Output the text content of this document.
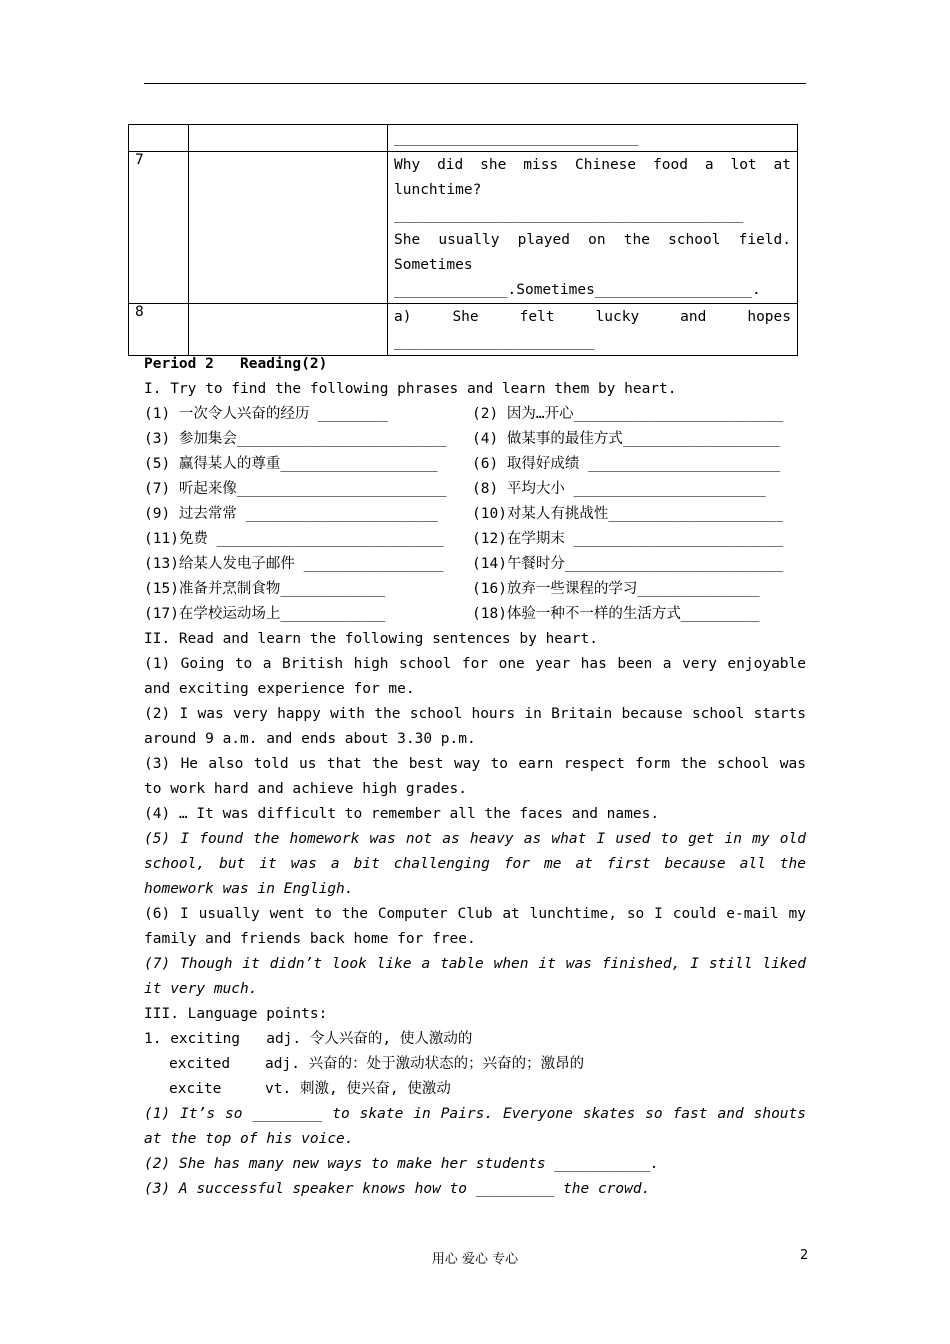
		____________________________
7		Why did she miss Chinese food a lot at lunchtime?
________________________________________
She usually played on the school field. Sometimes
_____________.Sometimes__________________.

8		a) She felt lucky and hopes
_______________________

Period 2   Reading(2)

I. Try to find the following phrases and learn them by heart.

(1) 一次令人兴奋的经历 ________	(2) 因为…开心________________________
(3) 参加集会________________________	(4) 做某事的最佳方式__________________
(5) 赢得某人的尊重__________________	(6) 取得好成绩 ______________________
(7) 听起来像________________________	(8) 平均大小 ______________________
(9) 过去常常 ______________________	(10)对某人有挑战性____________________
(11)免费 __________________________	(12)在学期末 ________________________
(13)给某人发电子邮件 ________________	(14)午餐时分_________________________
(15)准备并烹制食物____________	(16)放弃一些课程的学习______________
(17)在学校运动场上____________	(18)体验一种不一样的生活方式_________

II. Read and learn the following sentences by heart.

(1) Going to a British high school for one year has been a very enjoyable and exciting experience for me.

(2) I was very happy with the school hours in Britain because school starts around 9 a.m. and ends about 3.30 p.m.

(3) He also told us that the best way to earn respect form the school was to work hard and achieve high grades.

(4) … It was difficult to remember all the faces and names.

(5) I found the homework was not as heavy as what I used to get in my old school, but it was a bit challenging for me at first because all the homework was in Engligh.

(6) I usually went to the Computer Club at lunchtime, so I could e-mail my family and friends back home for free.

(7) Though it didn’t look like a table when it was finished, I still liked it very much.

III. Language points:

1. exciting   adj. 令人兴奋的, 使人激动的

excited    adj. 兴奋的：处于激动状态的；兴奋的；激昂的

excite     vt. 刺激, 使兴奋, 使激动

(1) It’s so ________ to skate in Pairs. Everyone skates so fast and shouts at the top of his voice.

(2) She has many new ways to make her students ___________.

(3) A successful speaker knows how to _________ the crowd.

用心 爱心 专心	2
